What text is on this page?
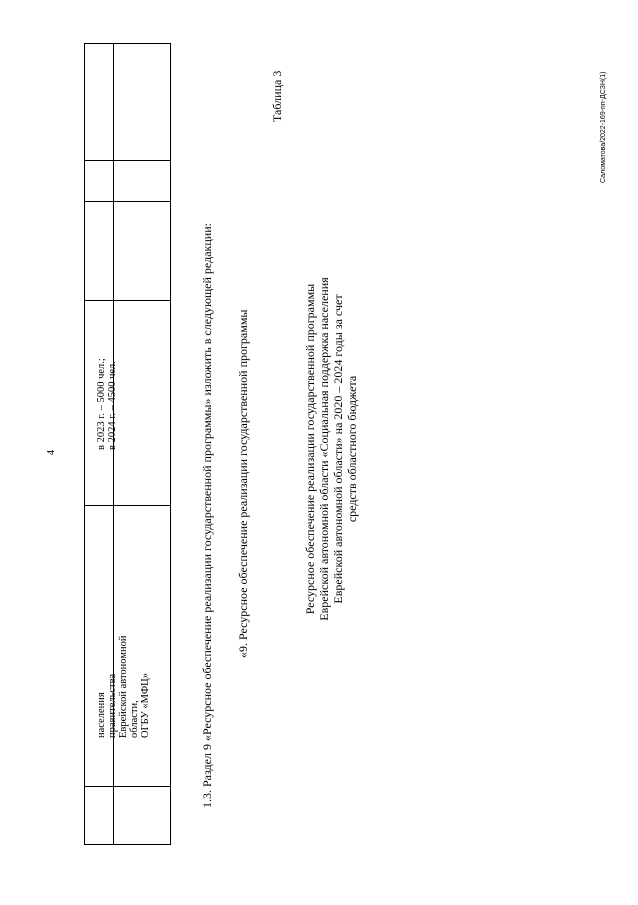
4
населения правительства Еврейской автономной области, ОГБУ «МФЦ»
в 2023 г. – 5000 чел.; в 2024 г. – 4500 чел.	1.3. Раздел 9 «Ресурсное обеспечение реализации государственной программы» изложить в следующей редакции: «9. Ресурсное обеспечение реализации государственной программы
Таблица 3
Ресурсное обеспечение реализации государственной программы Еврейской автономной области «Социальная поддержка населения Еврейской автономной области» на 2020 – 2024 годы за счет средств областного бюджета
Саломатова/2022-169-пп-ДСЗН(1)
